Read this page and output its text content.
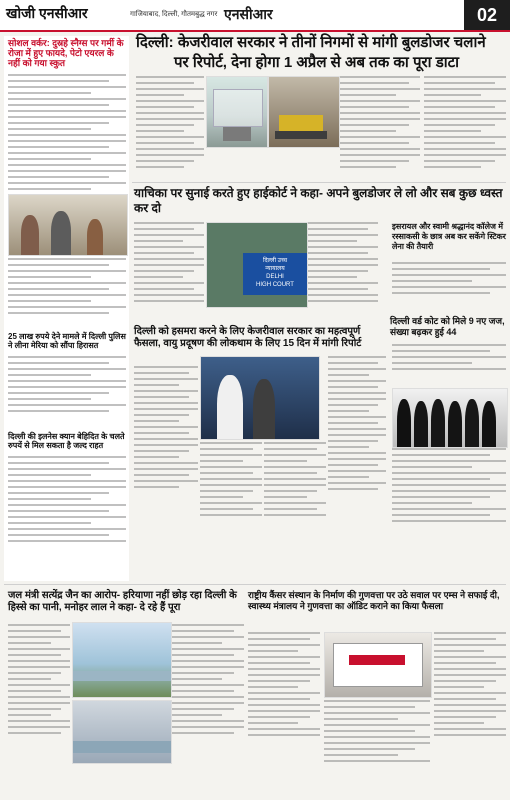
खोजी एनसीआर	गाजियाबाद, दिल्ली, गौतमबुद्ध नगर एनसीआर	02
सोशल वर्कर: दुस्रहे स्नैग्स पर गर्मी के रोजा में हुए फायदे, पेटो एयरल के नहीं को गया स्कुत
25 लाख रुपये देने मामले में दिल्ली पुलिस ने लीना मेरिया को सौंपा हिरासत
दिल्ली की इलनेस क्यान बेहिदित के चलते रुपयें से मिल सकता है जल्द राहत
दिल्ली: केजरीवाल सरकार ने तीनों निगमों से मांगी बुलडोजर चलाने
पर रिपोर्ट, देना होगा 1 अप्रैल से अब तक का पूरा डाटा
याचिका पर सुनाई करते हुए हाईकोर्ट ने कहा- अपने बुलडोजर ले लो और सब कुछ ध्वस्त कर दो
दिल्ली उच्च
न्यायालय
DELHI
HIGH COURT
इसरायल और स्वामी श्रद्धानंद कॉलेज में रस्साकसी के छात्र अब कर सकेंगे स्टिकर लेना की तैयारी
दिल्ली वर्ड कोट को मिले 9 नए जज, संख्या बढ़कर हुई 44
दिल्ली को हसमरा करने के लिए केजरीवाल सरकार का महत्वपूर्ण फैसला, वायु प्रदूषण की लोकथाम के लिए 15 दिन में मांगी रिपोर्ट
जल मंत्री सत्येंद्र जैन का आरोप- हरियाणा नहीं छोड़ रहा दिल्ली के हिस्से का पानी, मनोहर लाल ने कहा- दे रहे हैं पूरा
राष्ट्रीय कैंसर संस्थान के निर्माण की गुणवत्ता पर उठे सवाल पर एम्स ने सफाई दी, स्वास्थ्य मंत्रालय ने गुणवत्ता का ऑडिट कराने का किया फैसला
